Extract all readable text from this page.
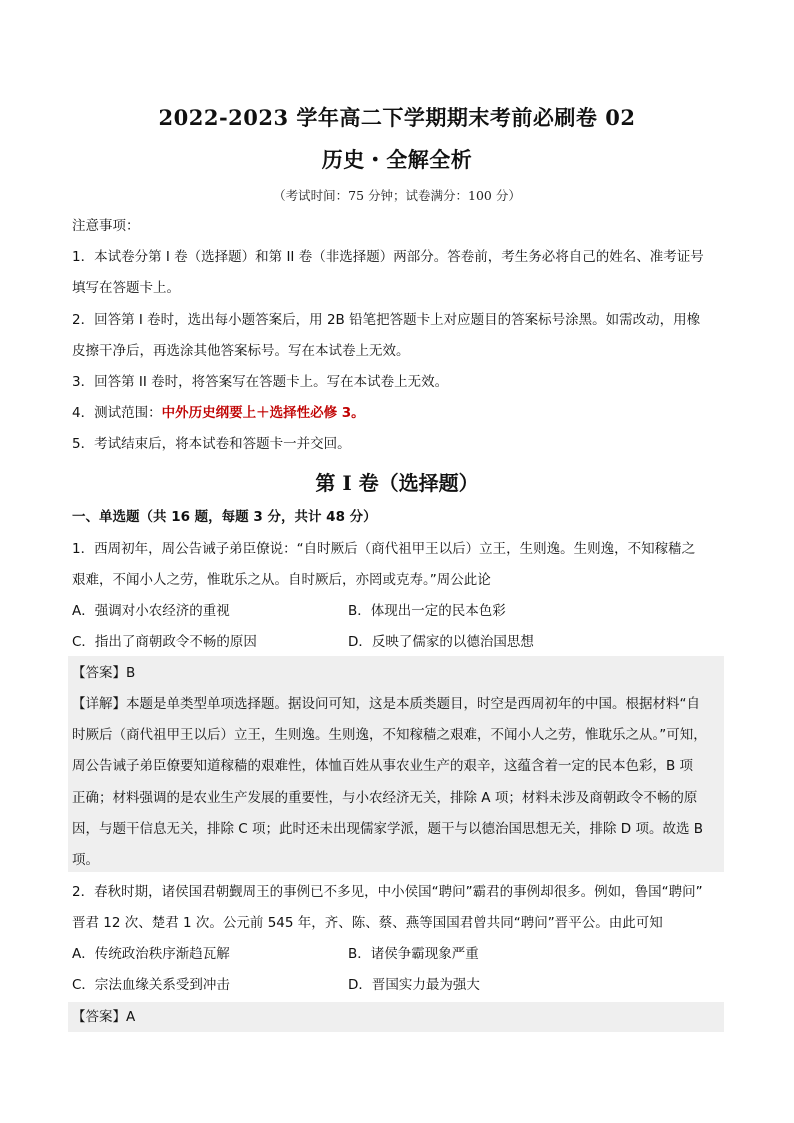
2022-2023 学年高二下学期期末考前必刷卷 02
历史・全解全析
（考试时间：75 分钟；试卷满分：100 分）
注意事项：
1．本试卷分第 I 卷（选择题）和第 II 卷（非选择题）两部分。答卷前，考生务必将自己的姓名、准考证号
填写在答题卡上。
2．回答第 I 卷时，选出每小题答案后，用 2B 铅笔把答题卡上对应题目的答案标号涂黑。如需改动，用橡
皮擦干净后，再选涂其他答案标号。写在本试卷上无效。
3．回答第 II 卷时，将答案写在答题卡上。写在本试卷上无效。
4．测试范围：中外历史纲要上＋选择性必修 3。
5．考试结束后，将本试卷和答题卡一并交回。
第 I 卷（选择题）
一、单选题（共 16 题，每题 3 分，共计 48 分）
1．西周初年，周公告诫子弟臣僚说：“自时厥后（商代祖甲王以后）立王，生则逸。生则逸，不知稼穑之
艰难，不闻小人之劳，惟耽乐之从。自时厥后，亦罔或克寿。”周公此论
A．强调对小农经济的重视	B．体现出一定的民本色彩
C．指出了商朝政令不畅的原因	D．反映了儒家的以德治国思想
【答案】B
【详解】本题是单类型单项选择题。据设问可知，这是本质类题目，时空是西周初年的中国。根据材料“自
时厥后（商代祖甲王以后）立王，生则逸。生则逸，不知稼穑之艰难，不闻小人之劳，惟耽乐之从。”可知，
周公告诫子弟臣僚要知道稼穑的艰难性，体恤百姓从事农业生产的艰辛，这蕴含着一定的民本色彩，B 项
正确；材料强调的是农业生产发展的重要性，与小农经济无关，排除 A 项；材料未涉及商朝政令不畅的原
因，与题干信息无关，排除 C 项；此时还未出现儒家学派，题干与以德治国思想无关，排除 D 项。故选 B
项。
2．春秋时期，诸侯国君朝觐周王的事例已不多见，中小侯国“聘问”霸君的事例却很多。例如，鲁国“聘问”
晋君 12 次、楚君 1 次。公元前 545 年，齐、陈、蔡、燕等国国君曾共同“聘问”晋平公。由此可知
A．传统政治秩序渐趋瓦解	B．诸侯争霸现象严重
C．宗法血缘关系受到冲击	D．晋国实力最为强大
【答案】A
